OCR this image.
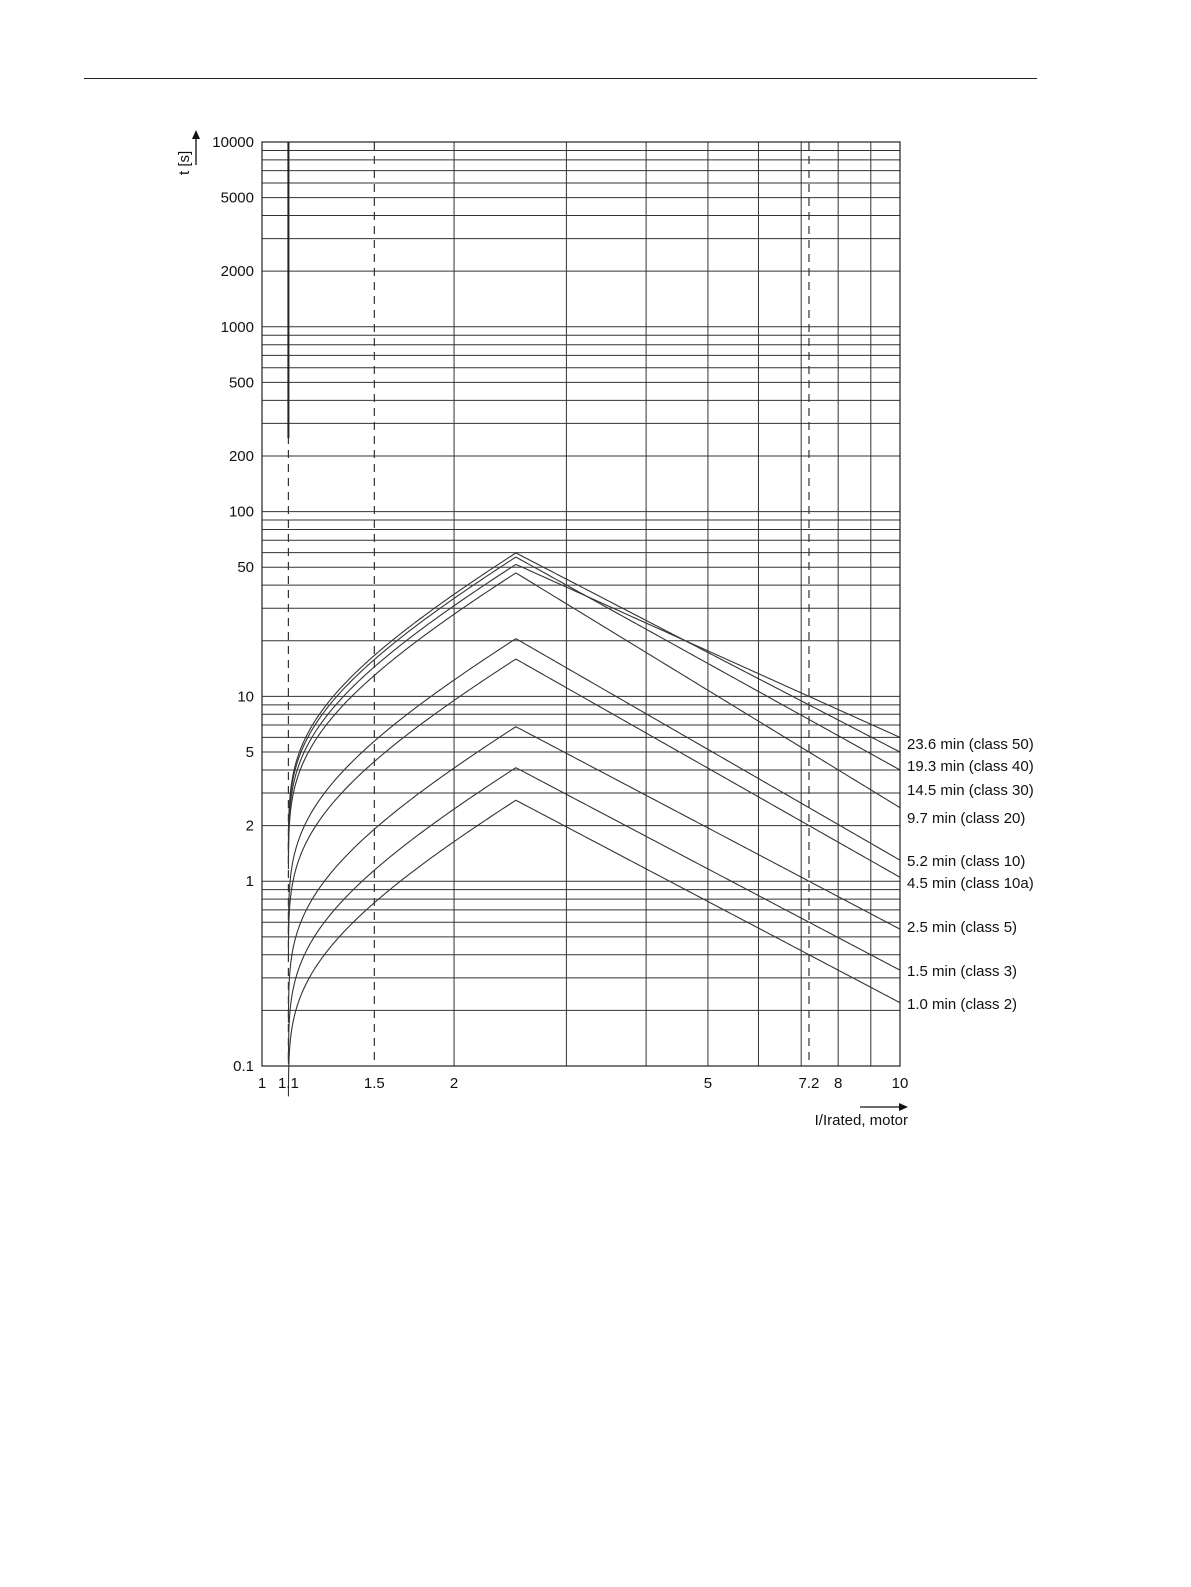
10000
5000
2000
1000
500
200
100
50
10
5
2
1
0.1
1 1.1	1.5	2	5	7.2 8	10
23.6 min (class 50)
19.3 min (class 40)
14.5 min (class 30)
9.7 min (class 20)
5.2 min (class 10)
4.5 min (class 10a)
2.5 min (class 5)
1.5 min (class 3)
1.0 min (class 2)
t [s]
I/Irated, motor
